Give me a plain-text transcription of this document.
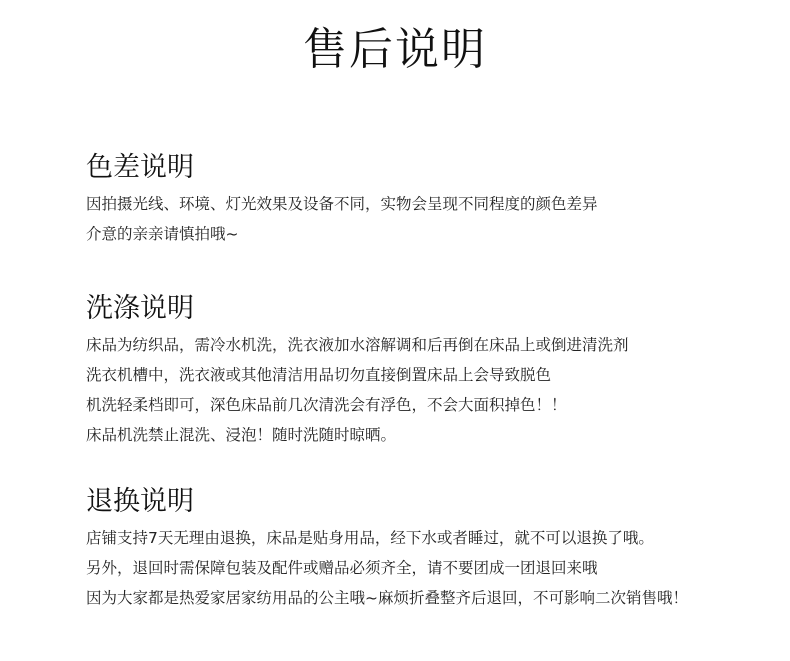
售后说明
色差说明
因拍摄光线、环境、灯光效果及设备不同，实物会呈现不同程度的颜色差异
介意的亲亲请慎拍哦~
洗涤说明
床品为纺织品，需冷水机洗，洗衣液加水溶解调和后再倒在床品上或倒进清洗剂
洗衣机槽中，洗衣液或其他清洁用品切勿直接倒置床品上会导致脱色
机洗轻柔档即可，深色床品前几次清洗会有浮色，不会大面积掉色！！
床品机洗禁止混洗、浸泡！随时洗随时晾晒。
退换说明
店铺支持7天无理由退换，床品是贴身用品，经下水或者睡过，就不可以退换了哦。
另外，退回时需保障包装及配件或赠品必须齐全，请不要团成一团退回来哦
因为大家都是热爱家居家纺用品的公主哦~麻烦折叠整齐后退回，不可影响二次销售哦！
